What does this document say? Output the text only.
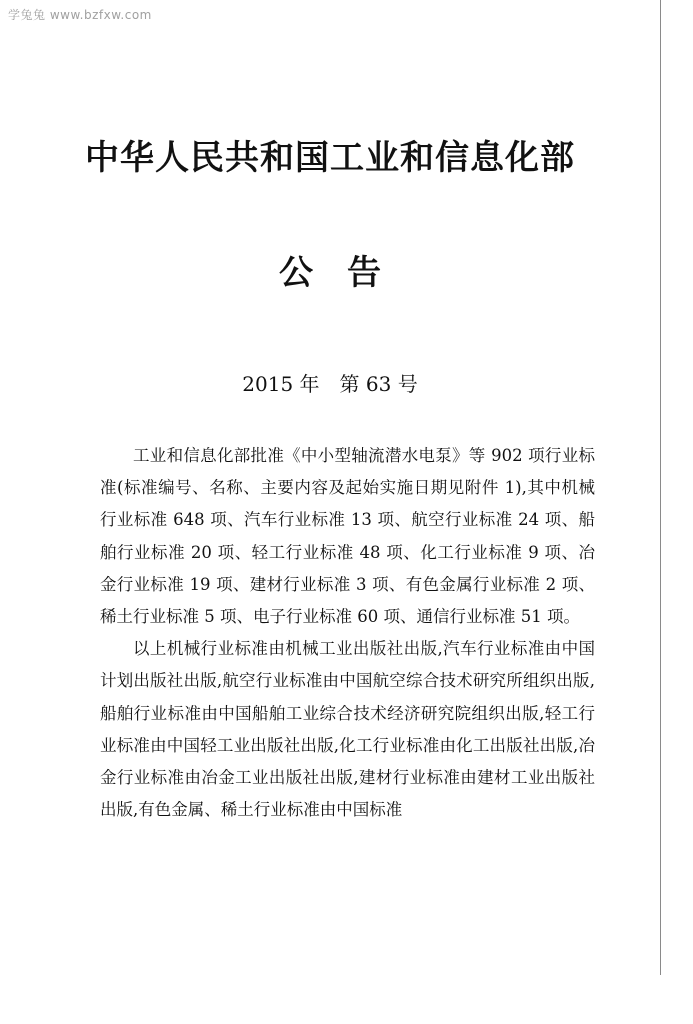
学兔兔 www.bzfxw.com
中华人民共和国工业和信息化部
公　告
2015 年　第 63 号

工业和信息化部批准《中小型轴流潜水电泵》等 902 项行业标准(标准编号、名称、主要内容及起始实施日期见附件 1),其中机械行业标准 648 项、汽车行业标准 13 项、航空行业标准 24 项、船舶行业标准 20 项、轻工行业标准 48 项、化工行业标准 9 项、冶金行业标准 19 项、建材行业标准 3 项、有色金属行业标准 2 项、稀土行业标准 5 项、电子行业标准 60 项、通信行业标准 51 项。

以上机械行业标准由机械工业出版社出版,汽车行业标准由中国计划出版社出版,航空行业标准由中国航空综合技术研究所组织出版,船舶行业标准由中国船舶工业综合技术经济研究院组织出版,轻工行业标准由中国轻工业出版社出版,化工行业标准由化工出版社出版,冶金行业标准由冶金工业出版社出版,建材行业标准由建材工业出版社出版,有色金属、稀土行业标准由中国标准
